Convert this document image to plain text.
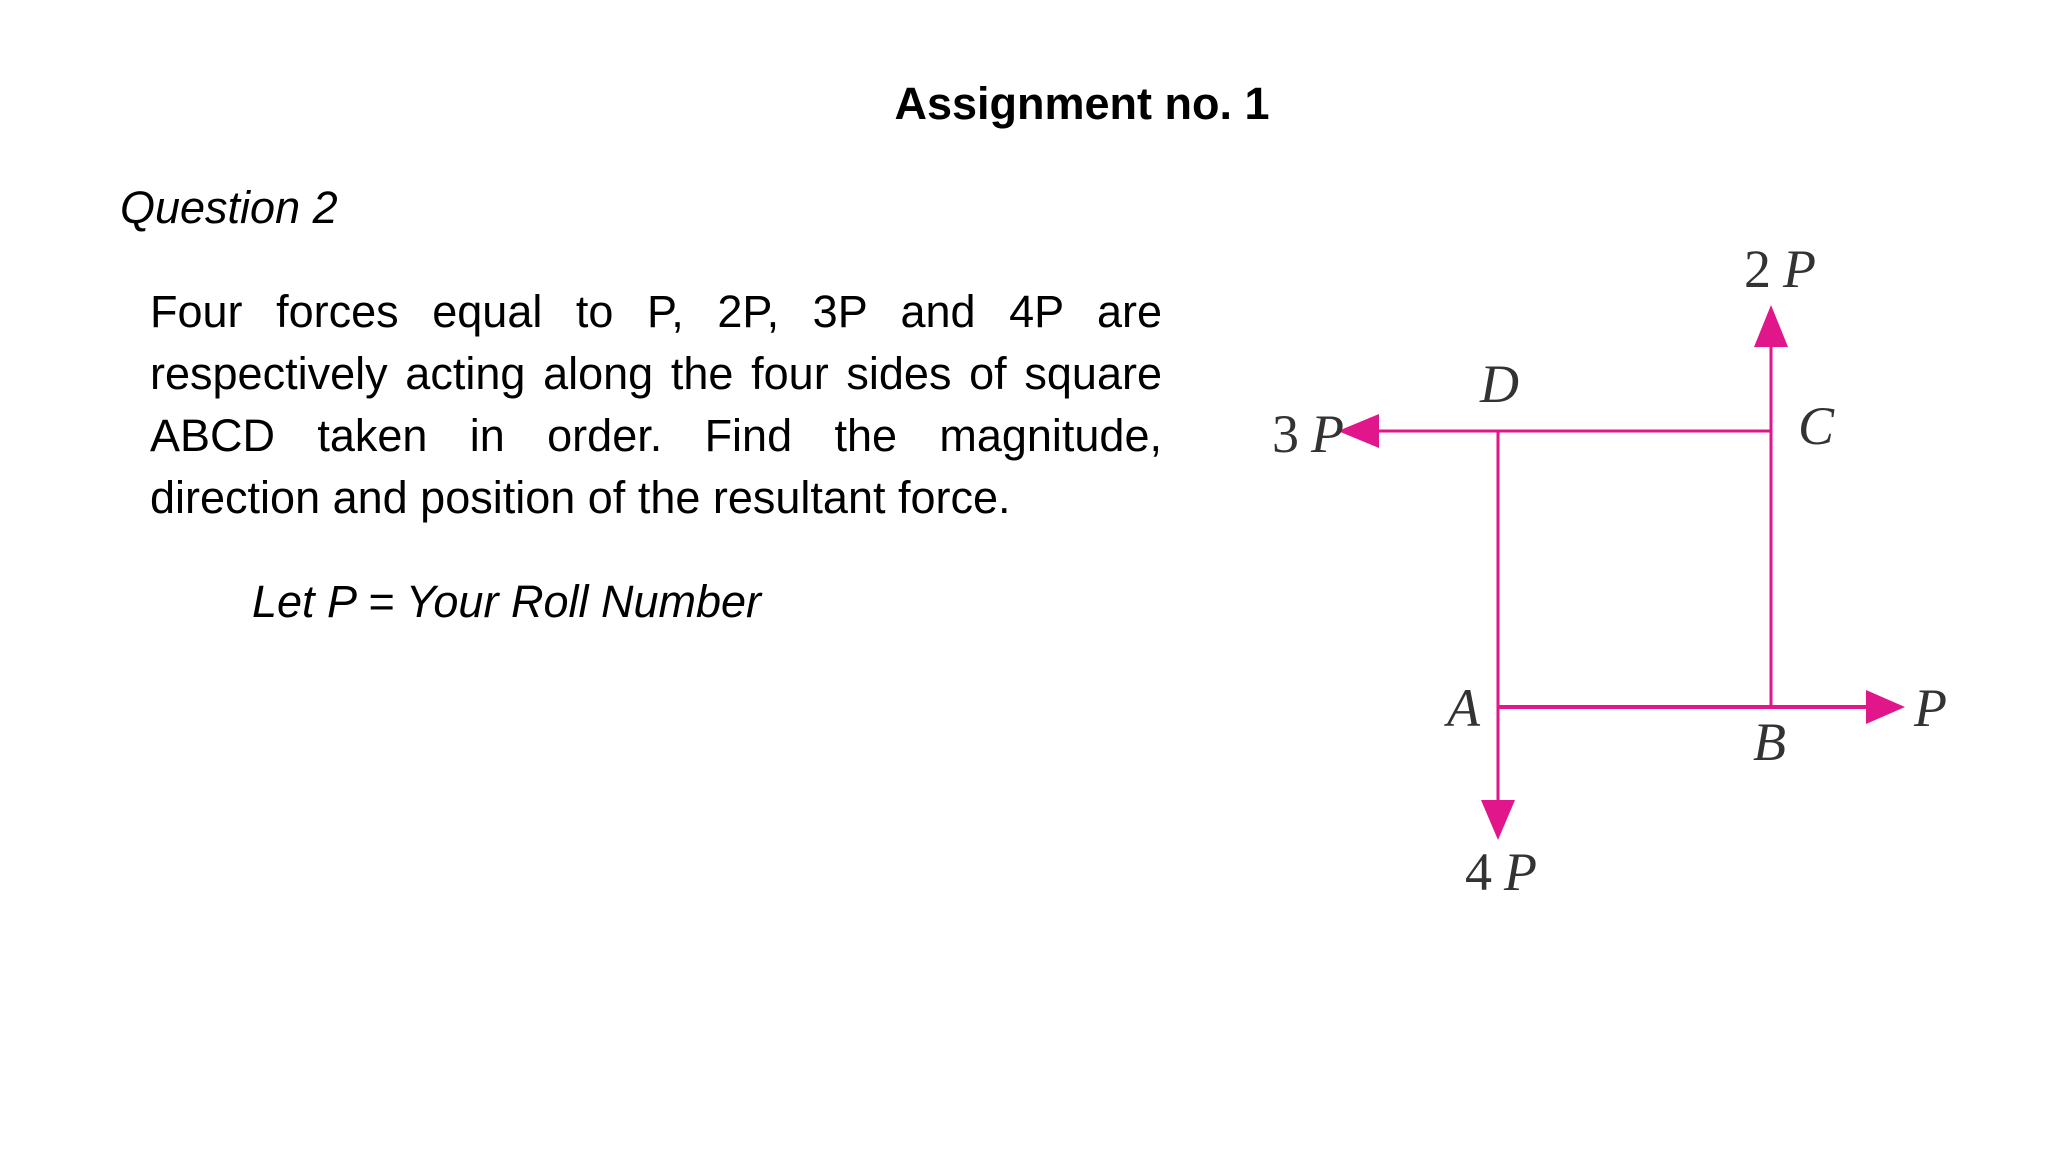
Assignment no. 1
Question 2
Four forces equal to P, 2P, 3P and 4P are respectively acting along the four sides of square ABCD taken in order. Find the magnitude, direction and position of the resultant force.
Let P = Your Roll Number
A
B
C
D
P
2 P
3 P
4 P
